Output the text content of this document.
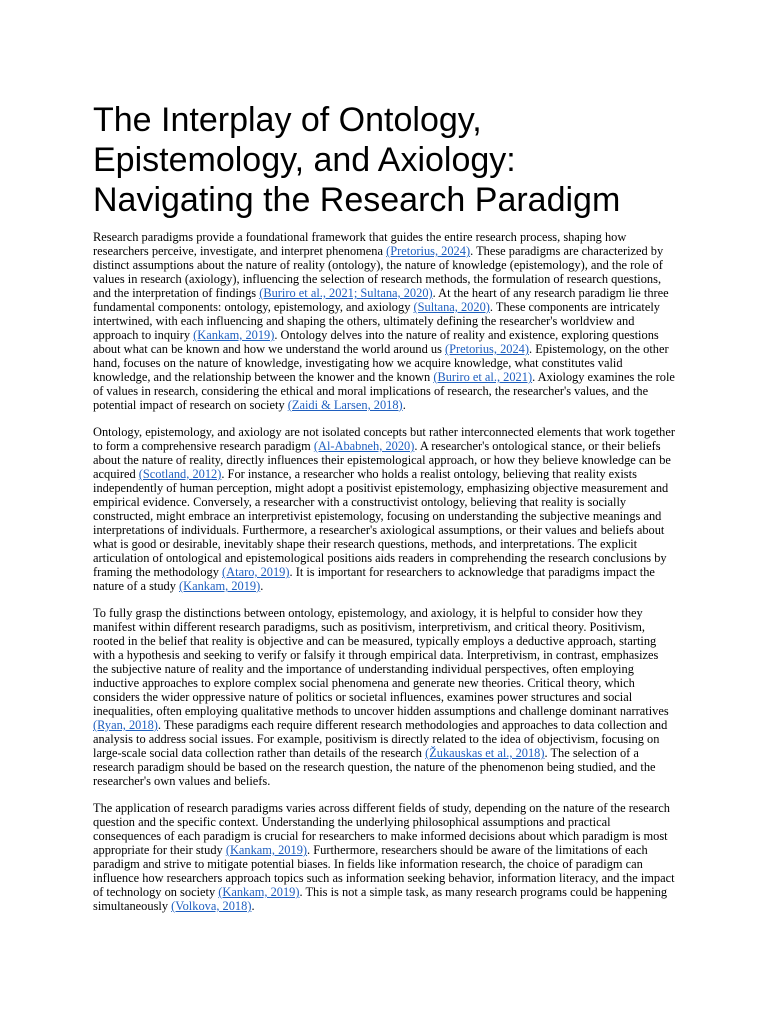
The Interplay of Ontology, Epistemology, and Axiology: Navigating the Research Paradigm

Research paradigms provide a foundational framework that guides the entire research process, shaping how researchers perceive, investigate, and interpret phenomena (Pretorius, 2024). These paradigms are characterized by distinct assumptions about the nature of reality (ontology), the nature of knowledge (epistemology), and the role of values in research (axiology), influencing the selection of research methods, the formulation of research questions, and the interpretation of findings (Buriro et al., 2021; Sultana, 2020). At the heart of any research paradigm lie three fundamental components: ontology, epistemology, and axiology (Sultana, 2020). These components are intricately intertwined, with each influencing and shaping the others, ultimately defining the researcher's worldview and approach to inquiry (Kankam, 2019). Ontology delves into the nature of reality and existence, exploring questions about what can be known and how we understand the world around us (Pretorius, 2024). Epistemology, on the other hand, focuses on the nature of knowledge, investigating how we acquire knowledge, what constitutes valid knowledge, and the relationship between the knower and the known (Buriro et al., 2021). Axiology examines the role of values in research, considering the ethical and moral implications of research, the researcher's values, and the potential impact of research on society (Zaidi & Larsen, 2018).

Ontology, epistemology, and axiology are not isolated concepts but rather interconnected elements that work together to form a comprehensive research paradigm (Al-Ababneh, 2020). A researcher's ontological stance, or their beliefs about the nature of reality, directly influences their epistemological approach, or how they believe knowledge can be acquired (Scotland, 2012). For instance, a researcher who holds a realist ontology, believing that reality exists independently of human perception, might adopt a positivist epistemology, emphasizing objective measurement and empirical evidence. Conversely, a researcher with a constructivist ontology, believing that reality is socially constructed, might embrace an interpretivist epistemology, focusing on understanding the subjective meanings and interpretations of individuals. Furthermore, a researcher's axiological assumptions, or their values and beliefs about what is good or desirable, inevitably shape their research questions, methods, and interpretations. The explicit articulation of ontological and epistemological positions aids readers in comprehending the research conclusions by framing the methodology (Ataro, 2019). It is important for researchers to acknowledge that paradigms impact the nature of a study (Kankam, 2019).

To fully grasp the distinctions between ontology, epistemology, and axiology, it is helpful to consider how they manifest within different research paradigms, such as positivism, interpretivism, and critical theory. Positivism, rooted in the belief that reality is objective and can be measured, typically employs a deductive approach, starting with a hypothesis and seeking to verify or falsify it through empirical data. Interpretivism, in contrast, emphasizes the subjective nature of reality and the importance of understanding individual perspectives, often employing inductive approaches to explore complex social phenomena and generate new theories. Critical theory, which considers the wider oppressive nature of politics or societal influences, examines power structures and social inequalities, often employing qualitative methods to uncover hidden assumptions and challenge dominant narratives (Ryan, 2018). These paradigms each require different research methodologies and approaches to data collection and analysis to address social issues. For example, positivism is directly related to the idea of objectivism, focusing on large-scale social data collection rather than details of the research (Žukauskas et al., 2018). The selection of a research paradigm should be based on the research question, the nature of the phenomenon being studied, and the researcher's own values and beliefs.

The application of research paradigms varies across different fields of study, depending on the nature of the research question and the specific context. Understanding the underlying philosophical assumptions and practical consequences of each paradigm is crucial for researchers to make informed decisions about which paradigm is most appropriate for their study (Kankam, 2019). Furthermore, researchers should be aware of the limitations of each paradigm and strive to mitigate potential biases. In fields like information research, the choice of paradigm can influence how researchers approach topics such as information seeking behavior, information literacy, and the impact of technology on society (Kankam, 2019). This is not a simple task, as many research programs could be happening simultaneously (Volkova, 2018).
